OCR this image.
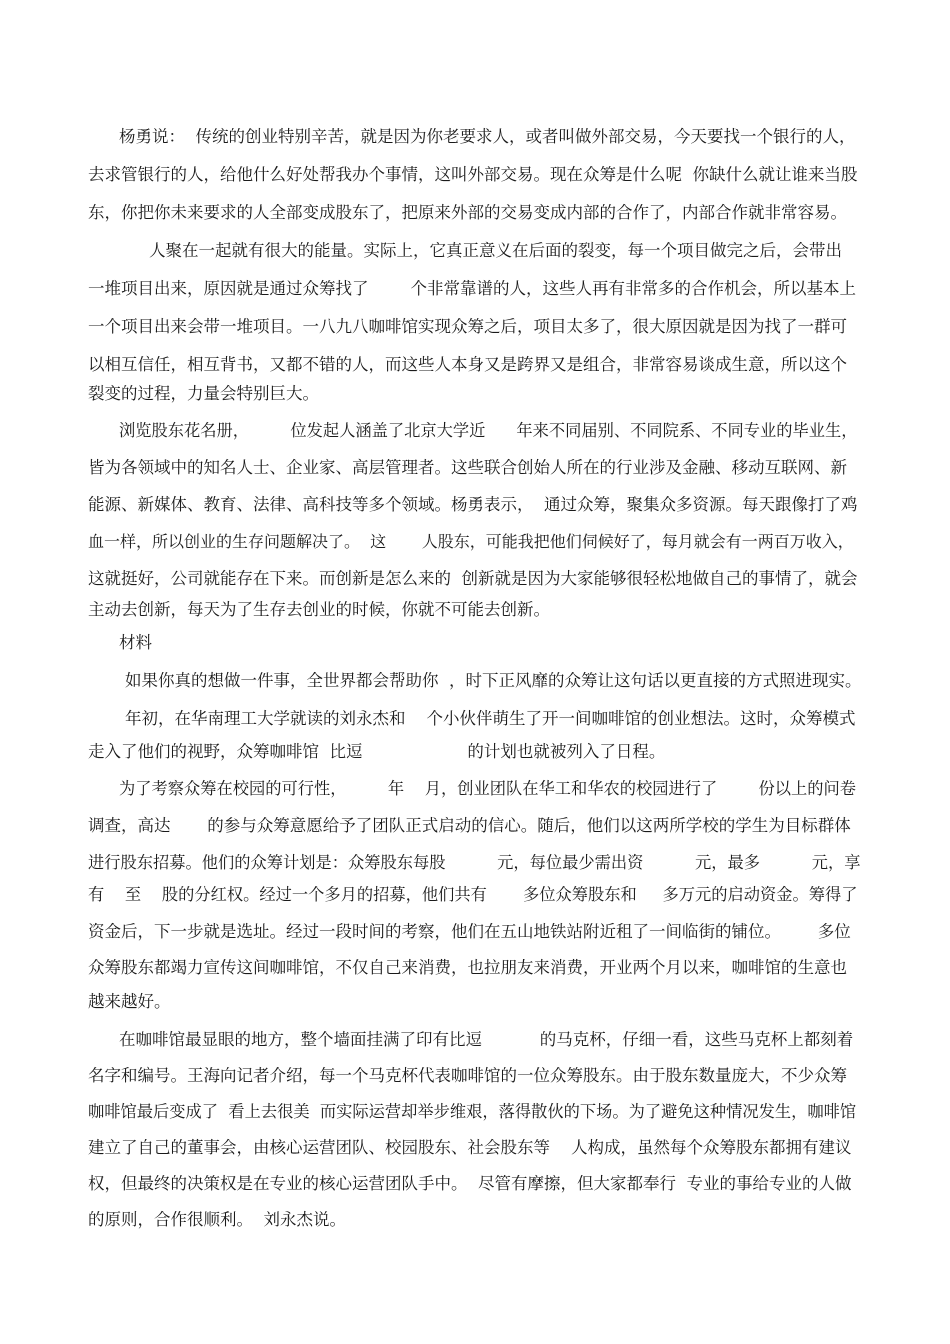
杨勇说：  传统的创业特别辛苦，就是因为你老要求人，或者叫做外部交易，今天要找一个银行的人，
去求管银行的人，给他什么好处帮我办个事情，这叫外部交易。现在众筹是什么呢  你缺什么就让谁来当股
东，你把你未来要求的人全部变成股东了，把原来外部的交易变成内部的合作了，内部合作就非常容易。
人聚在一起就有很大的能量。实际上，它真正意义在后面的裂变，每一个项目做完之后，会带出
一堆项目出来，原因就是通过众筹找了        个非常靠谱的人，这些人再有非常多的合作机会，所以基本上
一个项目出来会带一堆项目。一八九八咖啡馆实现众筹之后，项目太多了，很大原因就是因为找了一群可
以相互信任，相互背书，又都不错的人，而这些人本身又是跨界又是组合，非常容易谈成生意，所以这个
裂变的过程，力量会特别巨大。
浏览股东花名册，        位发起人涵盖了北京大学近      年来不同届别、不同院系、不同专业的毕业生，
皆为各领域中的知名人士、企业家、高层管理者。这些联合创始人所在的行业涉及金融、移动互联网、新
能源、新媒体、教育、法律、高科技等多个领域。杨勇表示，  通过众筹，聚集众多资源。每天跟像打了鸡
血一样，所以创业的生存问题解决了。  这       人股东，可能我把他们伺候好了，每月就会有一两百万收入，
这就挺好，公司就能存在下来。而创新是怎么来的  创新就是因为大家能够很轻松地做自己的事情了，就会
主动去创新，每天为了生存去创业的时候，你就不可能去创新。
材料
如果你真的想做一件事，全世界都会帮助你  ，时下正风靡的众筹让这句话以更直接的方式照进现实。
年初，在华南理工大学就读的刘永杰和    个小伙伴萌生了开一间咖啡馆的创业想法。这时，众筹模式
走入了他们的视野，众筹咖啡馆  比逗                    的计划也就被列入了日程。
为了考察众筹在校园的可行性，        年    月，创业团队在华工和华农的校园进行了        份以上的问卷
调查，高达       的参与众筹意愿给予了团队正式启动的信心。随后，他们以这两所学校的学生为目标群体
进行股东招募。他们的众筹计划是：众筹股东每股          元，每位最少需出资          元，最多          元，享
有    至    股的分红权。经过一个多月的招募，他们共有       多位众筹股东和     多万元的启动资金。筹得了
资金后，下一步就是选址。经过一段时间的考察，他们在五山地铁站附近租了一间临街的铺位。       多位
众筹股东都竭力宣传这间咖啡馆，不仅自己来消费，也拉朋友来消费，开业两个月以来，咖啡馆的生意也
越来越好。
在咖啡馆最显眼的地方，整个墙面挂满了印有比逗           的马克杯，仔细一看，这些马克杯上都刻着
名字和编号。王海向记者介绍，每一个马克杯代表咖啡馆的一位众筹股东。由于股东数量庞大，不少众筹
咖啡馆最后变成了  看上去很美  而实际运营却举步维艰，落得散伙的下场。为了避免这种情况发生，咖啡馆
建立了自己的董事会，由核心运营团队、校园股东、社会股东等    人构成，虽然每个众筹股东都拥有建议
权，但最终的决策权是在专业的核心运营团队手中。  尽管有摩擦，但大家都奉行  专业的事给专业的人做
的原则，合作很顺利。  刘永杰说。
